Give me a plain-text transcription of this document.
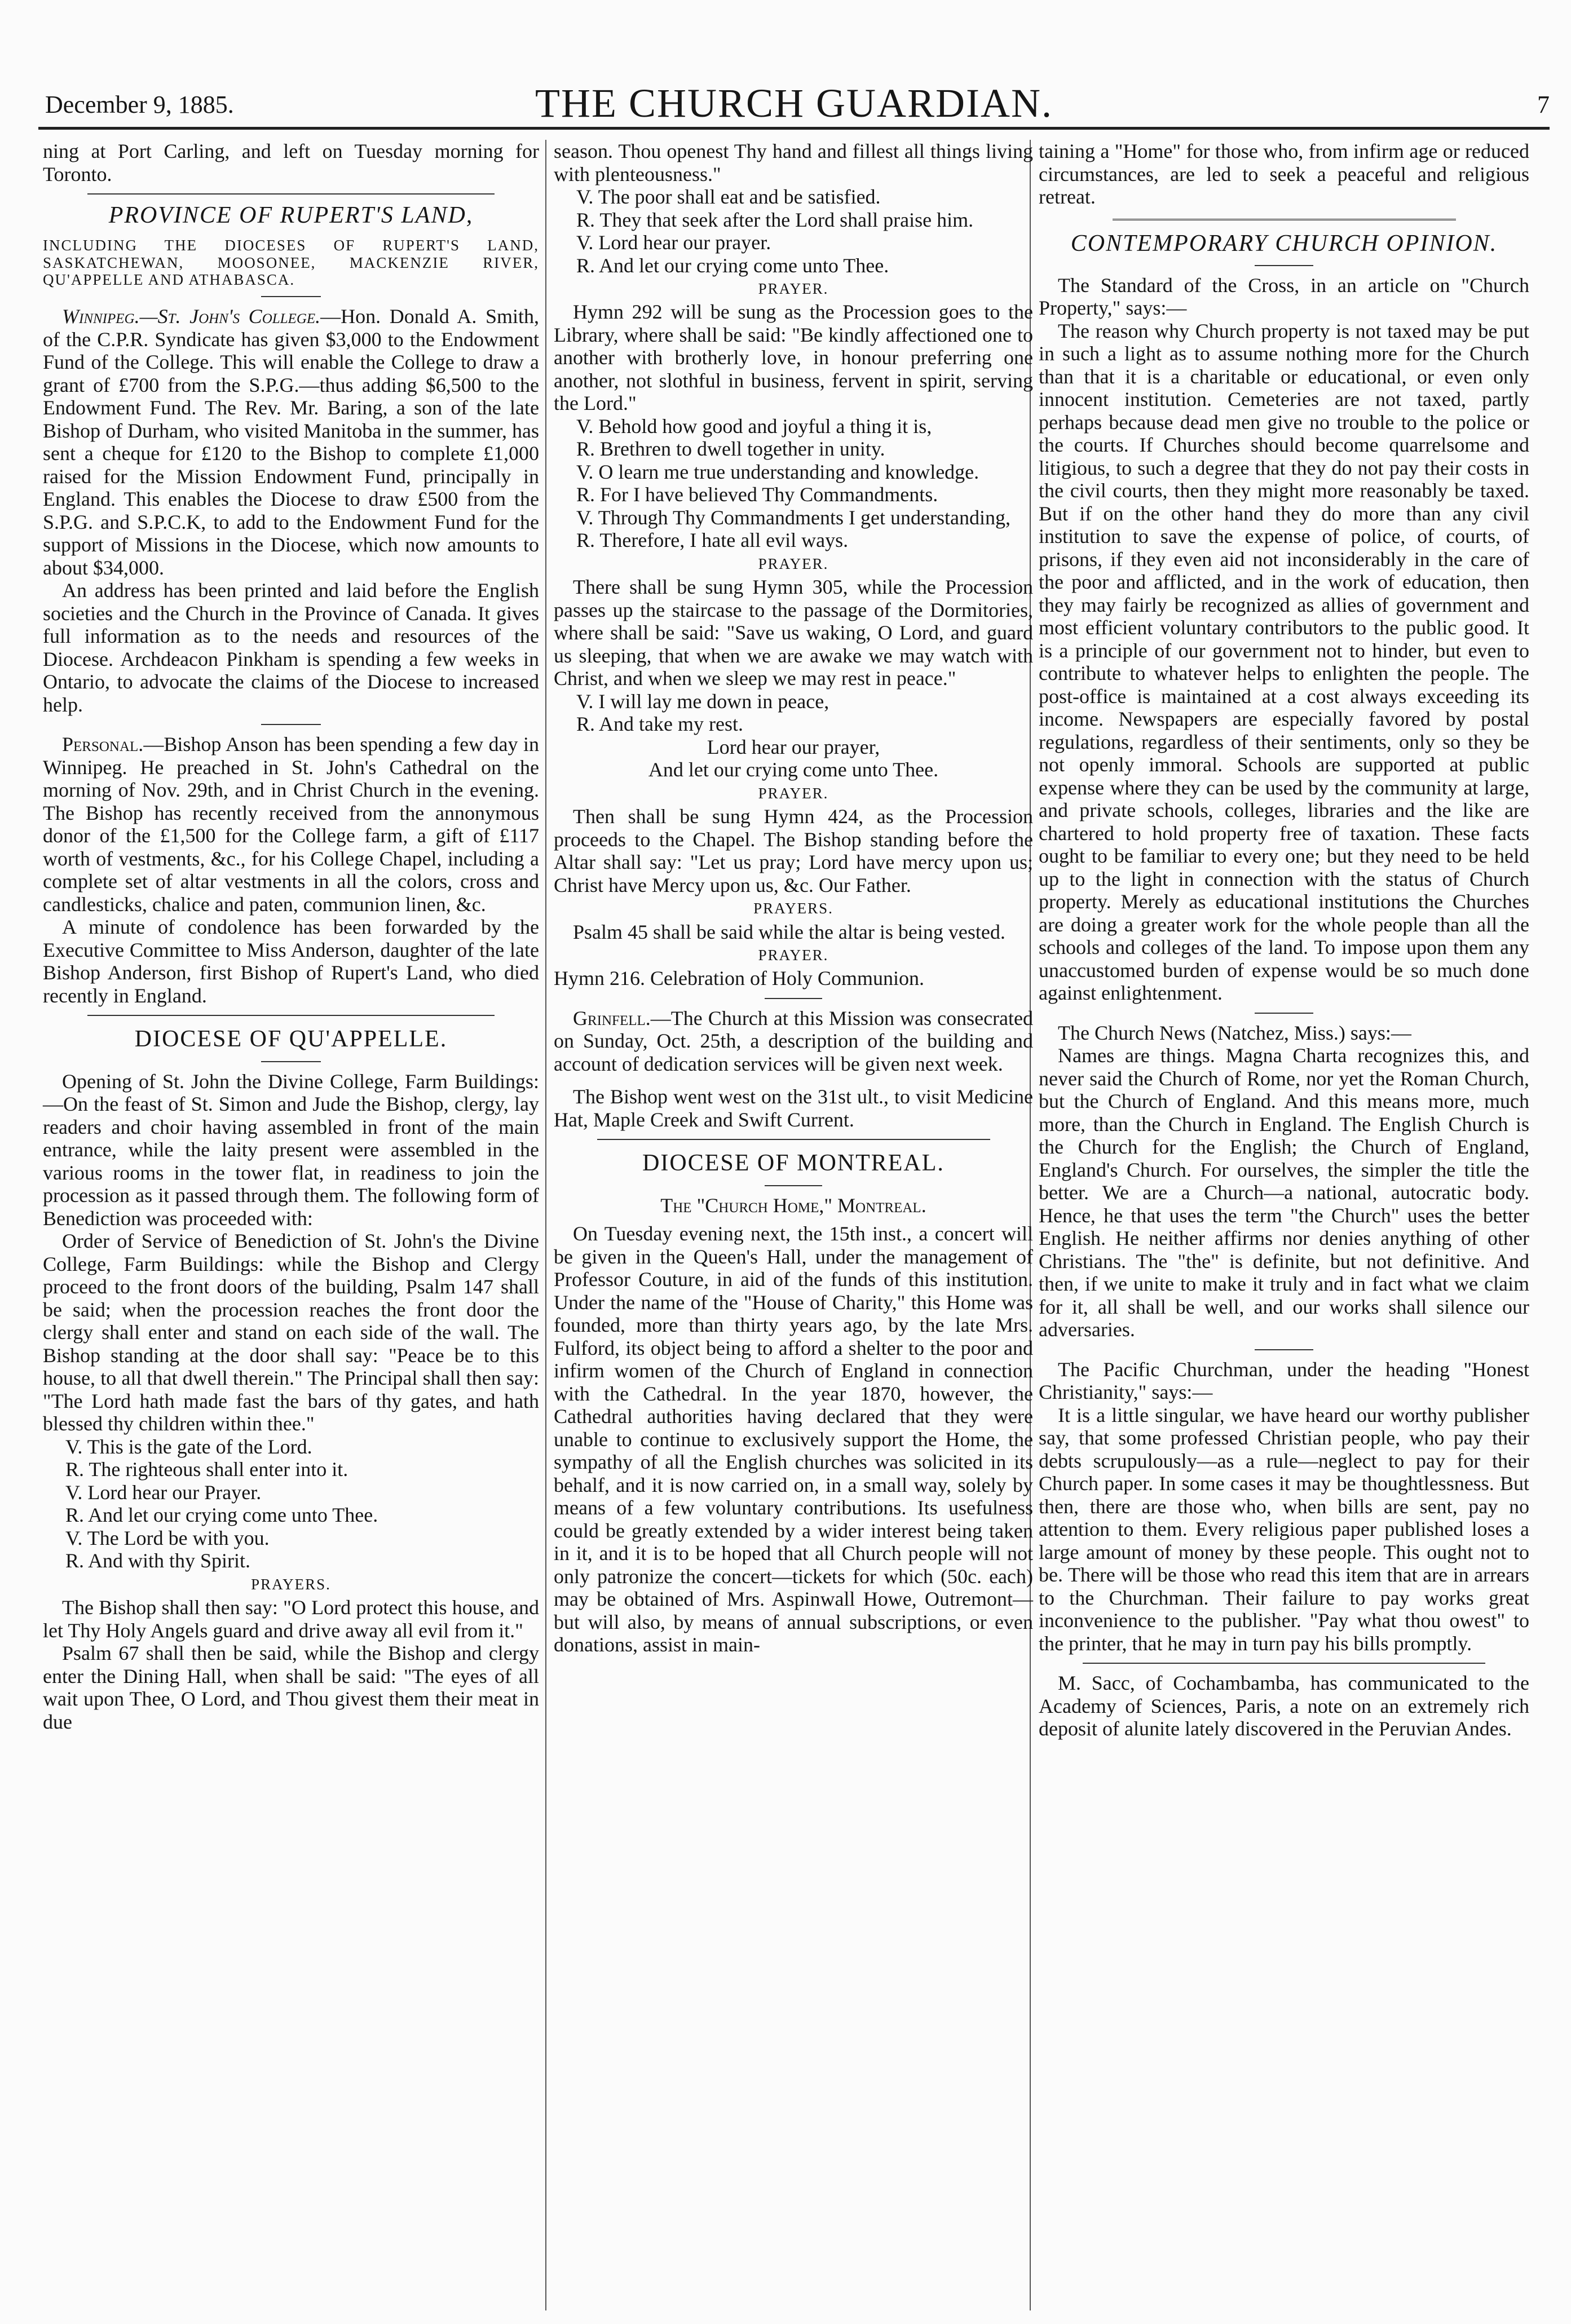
December 9, 1885.	THE CHURCH GUARDIAN.	7

ning at Port Carling, and left on Tuesday morning for Toronto.

PROVINCE OF RUPERT'S LAND,

INCLUDING THE DIOCESES OF RUPERT'S LAND, SASKATCHEWAN, MOOSONEE, MACKENZIE RIVER, QU'APPELLE AND ATHABASCA.

Winnipeg.—St. John's College.—Hon. Donald A. Smith, of the C.P.R. Syndicate has given $3,000 to the Endowment Fund of the College. This will enable the College to draw a grant of £700 from the S.P.G.—thus adding $6,500 to the Endowment Fund. The Rev. Mr. Baring, a son of the late Bishop of Durham, who visited Manitoba in the summer, has sent a cheque for £120 to the Bishop to complete £1,000 raised for the Mission Endowment Fund, principally in England. This enables the Diocese to draw £500 from the S.P.G. and S.P.C.K, to add to the Endowment Fund for the support of Missions in the Diocese, which now amounts to about $34,000.

An address has been printed and laid before the English societies and the Church in the Province of Canada. It gives full information as to the needs and resources of the Diocese. Archdeacon Pinkham is spending a few weeks in Ontario, to advocate the claims of the Diocese to increased help.

Personal.—Bishop Anson has been spending a few day in Winnipeg. He preached in St. John's Cathedral on the morning of Nov. 29th, and in Christ Church in the evening. The Bishop has recently received from the annonymous donor of the £1,500 for the College farm, a gift of £117 worth of vestments, &c., for his College Chapel, including a complete set of altar vestments in all the colors, cross and candlesticks, chalice and paten, communion linen, &c.

A minute of condolence has been forwarded by the Executive Committee to Miss Anderson, daughter of the late Bishop Anderson, first Bishop of Rupert's Land, who died recently in England.

DIOCESE OF QU'APPELLE.

Opening of St. John the Divine College, Farm Buildings:—On the feast of St. Simon and Jude the Bishop, clergy, lay readers and choir having assembled in front of the main entrance, while the laity present were assembled in the various rooms in the tower flat, in readiness to join the procession as it passed through them. The following form of Benediction was proceeded with:

Order of Service of Benediction of St. John's the Divine College, Farm Buildings: while the Bishop and Clergy proceed to the front doors of the building, Psalm 147 shall be said; when the procession reaches the front door the clergy shall enter and stand on each side of the wall. The Bishop standing at the door shall say: "Peace be to this house, to all that dwell therein." The Principal shall then say: "The Lord hath made fast the bars of thy gates, and hath blessed thy children within thee."

V. This is the gate of the Lord.

R. The righteous shall enter into it.

V. Lord hear our Prayer.

R. And let our crying come unto Thee.

V. The Lord be with you.

R. And with thy Spirit.

PRAYERS.

The Bishop shall then say: "O Lord protect this house, and let Thy Holy Angels guard and drive away all evil from it."

Psalm 67 shall then be said, while the Bishop and clergy enter the Dining Hall, when shall be said: "The eyes of all wait upon Thee, O Lord, and Thou givest them their meat in due

season. Thou openest Thy hand and fillest all things living with plenteousness."

V. The poor shall eat and be satisfied.

R. They that seek after the Lord shall praise him.

V. Lord hear our prayer.

R. And let our crying come unto Thee.

PRAYER.

Hymn 292 will be sung as the Procession goes to the Library, where shall be said: "Be kindly affectioned one to another with brotherly love, in honour preferring one another, not slothful in business, fervent in spirit, serving the Lord."

V. Behold how good and joyful a thing it is,

R. Brethren to dwell together in unity.

V. O learn me true understanding and knowledge.

R. For I have believed Thy Commandments.

V. Through Thy Commandments I get understanding,

R. Therefore, I hate all evil ways.

PRAYER.

There shall be sung Hymn 305, while the Procession passes up the staircase to the passage of the Dormitories, where shall be said: "Save us waking, O Lord, and guard us sleeping, that when we are awake we may watch with Christ, and when we sleep we may rest in peace."

V. I will lay me down in peace,

R. And take my rest.

Lord hear our prayer,

And let our crying come unto Thee.

PRAYER.

Then shall be sung Hymn 424, as the Procession proceeds to the Chapel. The Bishop standing before the Altar shall say: "Let us pray; Lord have mercy upon us; Christ have Mercy upon us, &c. Our Father.

PRAYERS.

Psalm 45 shall be said while the altar is being vested.

PRAYER.

Hymn 216. Celebration of Holy Communion.

Grinfell.—The Church at this Mission was consecrated on Sunday, Oct. 25th, a description of the building and account of dedication services will be given next week.

The Bishop went west on the 31st ult., to visit Medicine Hat, Maple Creek and Swift Current.

DIOCESE OF MONTREAL.

The "Church Home," Montreal.

On Tuesday evening next, the 15th inst., a concert will be given in the Queen's Hall, under the management of Professor Couture, in aid of the funds of this institution. Under the name of the "House of Charity," this Home was founded, more than thirty years ago, by the late Mrs. Fulford, its object being to afford a shelter to the poor and infirm women of the Church of England in connection with the Cathedral. In the year 1870, however, the Cathedral authorities having declared that they were unable to continue to exclusively support the Home, the sympathy of all the English churches was solicited in its behalf, and it is now carried on, in a small way, solely by means of a few voluntary contributions. Its usefulness could be greatly extended by a wider interest being taken in it, and it is to be hoped that all Church people will not only patronize the concert—tickets for which (50c. each) may be obtained of Mrs. Aspinwall Howe, Outremont—but will also, by means of annual subscriptions, or even donations, assist in main-

taining a "Home" for those who, from infirm age or reduced circumstances, are led to seek a peaceful and religious retreat.

CONTEMPORARY CHURCH OPINION.

The Standard of the Cross, in an article on "Church Property," says:—

The reason why Church property is not taxed may be put in such a light as to assume nothing more for the Church than that it is a charitable or educational, or even only innocent institution. Cemeteries are not taxed, partly perhaps because dead men give no trouble to the police or the courts. If Churches should become quarrelsome and litigious, to such a degree that they do not pay their costs in the civil courts, then they might more reasonably be taxed. But if on the other hand they do more than any civil institution to save the expense of police, of courts, of prisons, if they even aid not inconsiderably in the care of the poor and afflicted, and in the work of education, then they may fairly be recognized as allies of government and most efficient voluntary contributors to the public good. It is a principle of our government not to hinder, but even to contribute to whatever helps to enlighten the people. The post-office is maintained at a cost always exceeding its income. Newspapers are especially favored by postal regulations, regardless of their sentiments, only so they be not openly immoral. Schools are supported at public expense where they can be used by the community at large, and private schools, colleges, libraries and the like are chartered to hold property free of taxation. These facts ought to be familiar to every one; but they need to be held up to the light in connection with the status of Church property. Merely as educational institutions the Churches are doing a greater work for the whole people than all the schools and colleges of the land. To impose upon them any unaccustomed burden of expense would be so much done against enlightenment.

The Church News (Natchez, Miss.) says:—

Names are things. Magna Charta recognizes this, and never said the Church of Rome, nor yet the Roman Church, but the Church of England. And this means more, much more, than the Church in England. The English Church is the Church for the English; the Church of England, England's Church. For ourselves, the simpler the title the better. We are a Church—a national, autocratic body. Hence, he that uses the term "the Church" uses the better English. He neither affirms nor denies anything of other Christians. The "the" is definite, but not definitive. And then, if we unite to make it truly and in fact what we claim for it, all shall be well, and our works shall silence our adversaries.

The Pacific Churchman, under the heading "Honest Christianity," says:—

It is a little singular, we have heard our worthy publisher say, that some professed Christian people, who pay their debts scrupulously—as a rule—neglect to pay for their Church paper. In some cases it may be thoughtlessness. But then, there are those who, when bills are sent, pay no attention to them. Every religious paper published loses a large amount of money by these people. This ought not to be. There will be those who read this item that are in arrears to the Churchman. Their failure to pay works great inconvenience to the publisher. "Pay what thou owest" to the printer, that he may in turn pay his bills promptly.

M. Sacc, of Cochambamba, has communicated to the Academy of Sciences, Paris, a note on an extremely rich deposit of alunite lately discovered in the Peruvian Andes.
